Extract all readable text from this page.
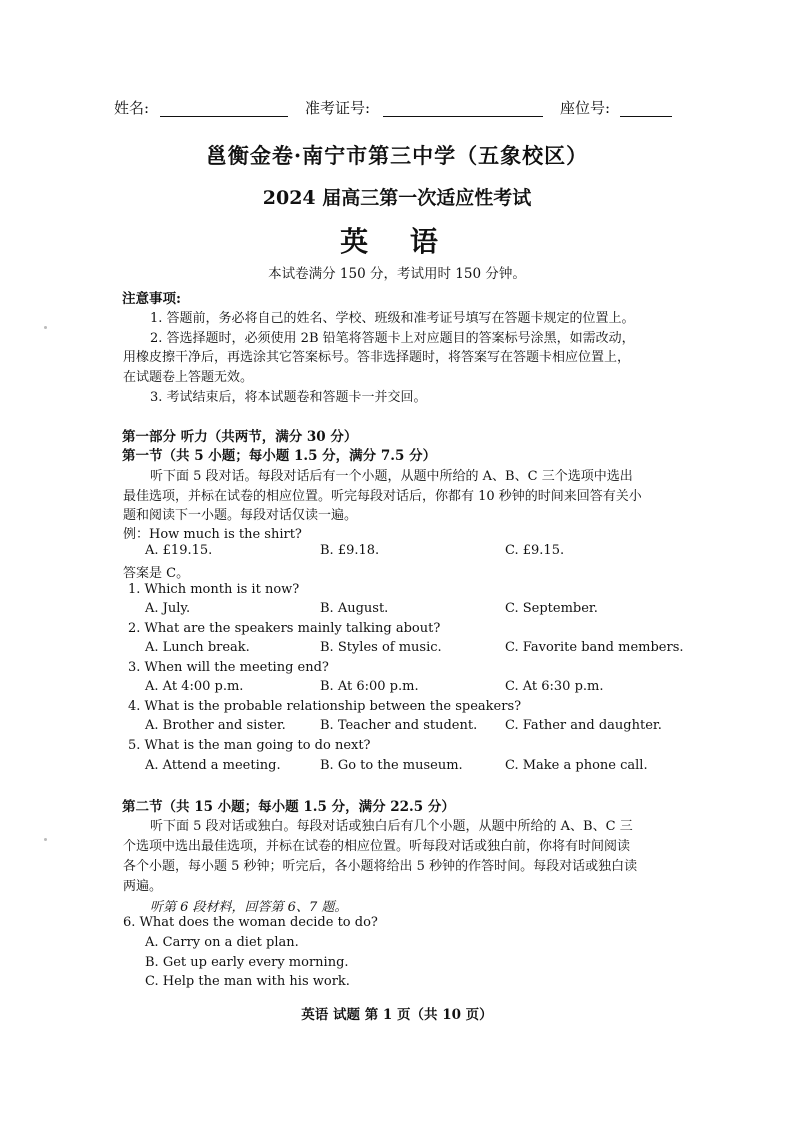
姓名:	准考证号:	座位号:
邕衡金卷·南宁市第三中学（五象校区）
2024 届高三第一次适应性考试
英 语
本试卷满分 150 分，考试用时 150 分钟。
注意事项:
1. 答题前，务必将自己的姓名、学校、班级和准考证号填写在答题卡规定的位置上。
2. 答选择题时，必须使用 2B 铅笔将答题卡上对应题目的答案标号涂黑，如需改动，
用橡皮擦干净后，再选涂其它答案标号。答非选择题时，将答案写在答题卡相应位置上，
在试题卷上答题无效。
3. 考试结束后，将本试题卷和答题卡一并交回。
第一部分 听力（共两节，满分 30 分）
第一节（共 5 小题；每小题 1.5 分，满分 7.5 分）
听下面 5 段对话。每段对话后有一个小题，从题中所给的 A、B、C 三个选项中选出
最佳选项，并标在试卷的相应位置。听完每段对话后，你都有 10 秒钟的时间来回答有关小
题和阅读下一小题。每段对话仅读一遍。
例：How much is the shirt?
A. £19.15.	B. £9.18.	C. £9.15.
答案是 C。
1. Which month is it now?
A. July.	B. August.	C. September.
2. What are the speakers mainly talking about?
A. Lunch break.	B. Styles of music.	C. Favorite band members.
3. When will the meeting end?
A. At 4:00 p.m.	B. At 6:00 p.m.	C. At 6:30 p.m.
4. What is the probable relationship between the speakers?
A. Brother and sister.	B. Teacher and student. C. Father and daughter.
5. What is the man going to do next?
A. Attend a meeting.	B. Go to the museum.	C. Make a phone call.
第二节（共 15 小题；每小题 1.5 分，满分 22.5 分）
听下面 5 段对话或独白。每段对话或独白后有几个小题，从题中所给的 A、B、C 三
个选项中选出最佳选项，并标在试卷的相应位置。听每段对话或独白前，你将有时间阅读
各个小题，每小题 5 秒钟；听完后，各小题将给出 5 秒钟的作答时间。每段对话或独白读
两遍。
听第 6 段材料，回答第 6、7 题。
6. What does the woman decide to do?
A. Carry on a diet plan.
B. Get up early every morning.
C. Help the man with his work.
英语 试题 第 1 页（共 10 页）
